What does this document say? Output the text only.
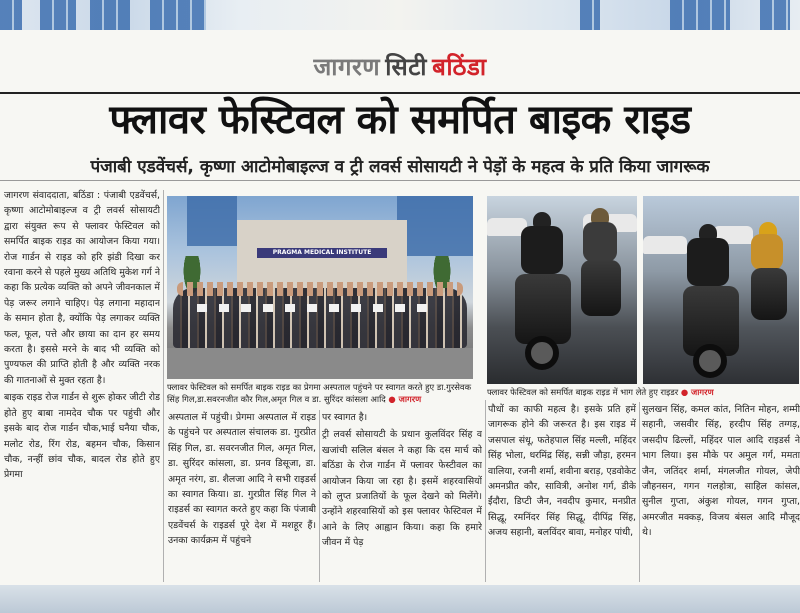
जागरण सिटी बठिंडा
फ्लावर फेस्टिवल को समर्पित बाइक राइड
पंजाबी एडवेंचर्स, कृष्णा आटोमोबाइल्ज व ट्री लवर्स सोसायटी ने पेड़ों के महत्व के प्रति किया जागरूक

जागरण संवाददाता, बठिंडा : पंजाबी एडवेंचर्स, कृष्णा आटोमोबाइल्ज व ट्री लवर्स सोसायटी द्वारा संयुक्त रूप से फ्लावर फेस्टिवल को समर्पित बाइक राइड का आयोजन किया गया। रोज गार्डन से राइड को हरि झंडी दिखा कर रवाना करने से पहले मुख्य अतिथि मुकेश गर्ग ने कहा कि प्रत्येक व्यक्ति को अपने जीवनकाल में पेड़ जरूर लगाने चाहिए। पेड़ लगाना महादान के समान होता है, क्योंकि पेड़ लगाकर व्यक्ति फल, फूल, पत्ते और छाया का दान हर समय करता है। इससे मरने के बाद भी व्यक्ति को पुण्यफल की प्राप्ति होती है और व्यक्ति नरक की गातनाओं से मुक्त रहता है।

बाइक राइड रोज गार्डन से शुरू होकर जीटी रोड होते हुए बाबा नामदेव चौक पर पहुंची और इसके बाद रोज गार्डन चौक,भाई घनैया चौक, मलोट रोड, रिंग रोड, बहमन चौक, किसान चौक, नन्हीं छांव चौक, बादल रोड होते हुए प्रेगमा

PRAGMA MEDICAL INSTITUTE
फ्लावर फेस्टिवल को समर्पित बाइक राइड का प्रेगमा अस्पताल पहुंचने पर स्वागत करते हुए डा.गुरसेवक सिंह गिल,डा.सवरनजीत कौर गिल,अमृत गिल व डा. सुरिंदर कांसला आदि ● जागरण
फ्लावर फेस्टिवल को समर्पित बाइक राइड में भाग लेते हुए राइडर ● जागरण

अस्पताल में पहुंची। प्रेगमा अस्पताल में राइड के पहुंचने पर अस्पताल संचालक डा. गुरप्रीत सिंह गिल, डा. सवरनजीत गिल, अमृत गिल, डा. सुरिंदर कांसला, डा. प्रनव डिसूजा, डा. अमृत नरंग, डा. शैलजा आदि ने सभी राइडर्स का स्वागत किया। डा. गुरप्रीत सिंह गिल ने राइडर्स का स्वागत करते हुए कहा कि पंजाबी एडवेंचर्स के राइडर्स पूरे देश में मशहूर हैं। उनका कार्यक्रम में पहुंचने

पर स्वागत है।

ट्री लवर्स सोसायटी के प्रधान कुलविंदर सिंह व खजांची सलिल बंसल ने कहा कि दस मार्च को बठिंडा के रोज गार्डन में फ्लावर फेस्टीवल का आयोजन किया जा रहा है। इसमें शहरवासियों को लुप्त प्रजातियों के फूल देखने को मिलेंगे। उन्होंने शहरवासियों को इस फ्लावर फेस्टिवल में आने के लिए आह्वान किया। कहा कि हमारे जीवन में पेड़

पौधों का काफी महत्व है। इसके प्रति हमें जागरूक होने की जरूरत है। इस राइड में जसपाल संधू, फतेहपाल सिंह मल्ली, महिंदर सिंह भोला, धरमिंद्र सिंह, सन्नी जौड़ा, हरमन वालिया, रजनी शर्मा, शवीना बराड़, एडवोकेट अमनप्रीत कौर, सावित्री, अनोश गर्ग, डीके ईंदौरा, डिप्टी जैन, नवदीप कुमार, मनप्रीत सिद्धू, रमनिंदर सिंह सिद्धू, दीपिंद्र सिंह, अजय सहानी, बलविंदर बावा, मनोहर पांधी,

सुलखन सिंह, कमल कांत, नितिन मोहन, शम्मी सहानी, जसवीर सिंह, हरदीप सिंह तग्गड़, जसदीप ढिल्लों, महिंदर पाल आदि राइडर्स ने भाग लिया। इस मौके पर अमुल गर्ग, ममता जैन, जतिंदर शर्मा, मंगलजीत गोयल, जेपी जौहनसन, गगन गलहोत्रा, साहिल कांसल, सुनील गुप्ता, अंकुश गोयल, गगन गुप्ता, अमरजीत मक्कड़, विजय बंसल आदि मौजूद थे।
